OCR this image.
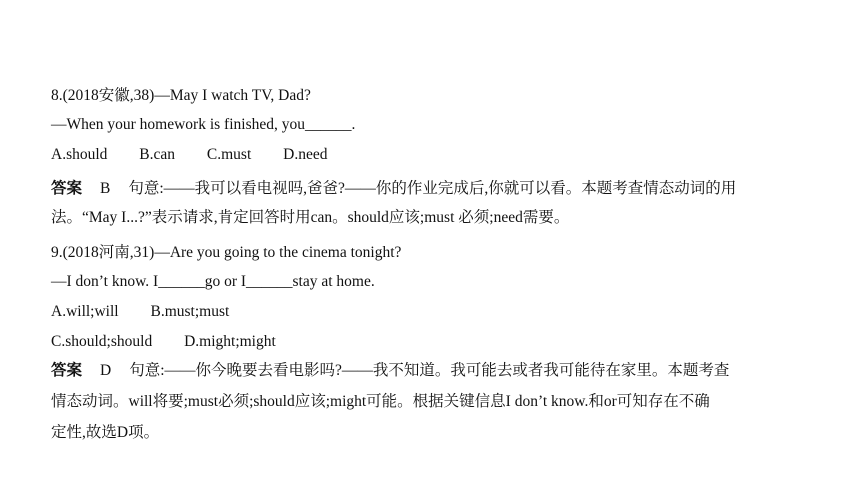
8.(2018安徽,38)—May I watch TV, Dad?
—When your homework is finished, you______.
A.should B.can C.must D.need
答案 B 句意:——我可以看电视吗,爸爸?——你的作业完成后,你就可以看。本题考查情态动词的用
法。“May I...?”表示请求,肯定回答时用can。should应该;must 必须;need需要。
9.(2018河南,31)—Are you going to the cinema tonight?
—I don’t know. I______go or I______stay at home.
A.will;will B.must;must
C.should;should D.might;might
答案 D 句意:——你今晚要去看电影吗?——我不知道。我可能去或者我可能待在家里。本题考查
情态动词。will将要;must必须;should应该;might可能。根据关键信息I don’t know.和or可知存在不确
定性,故选D项。
